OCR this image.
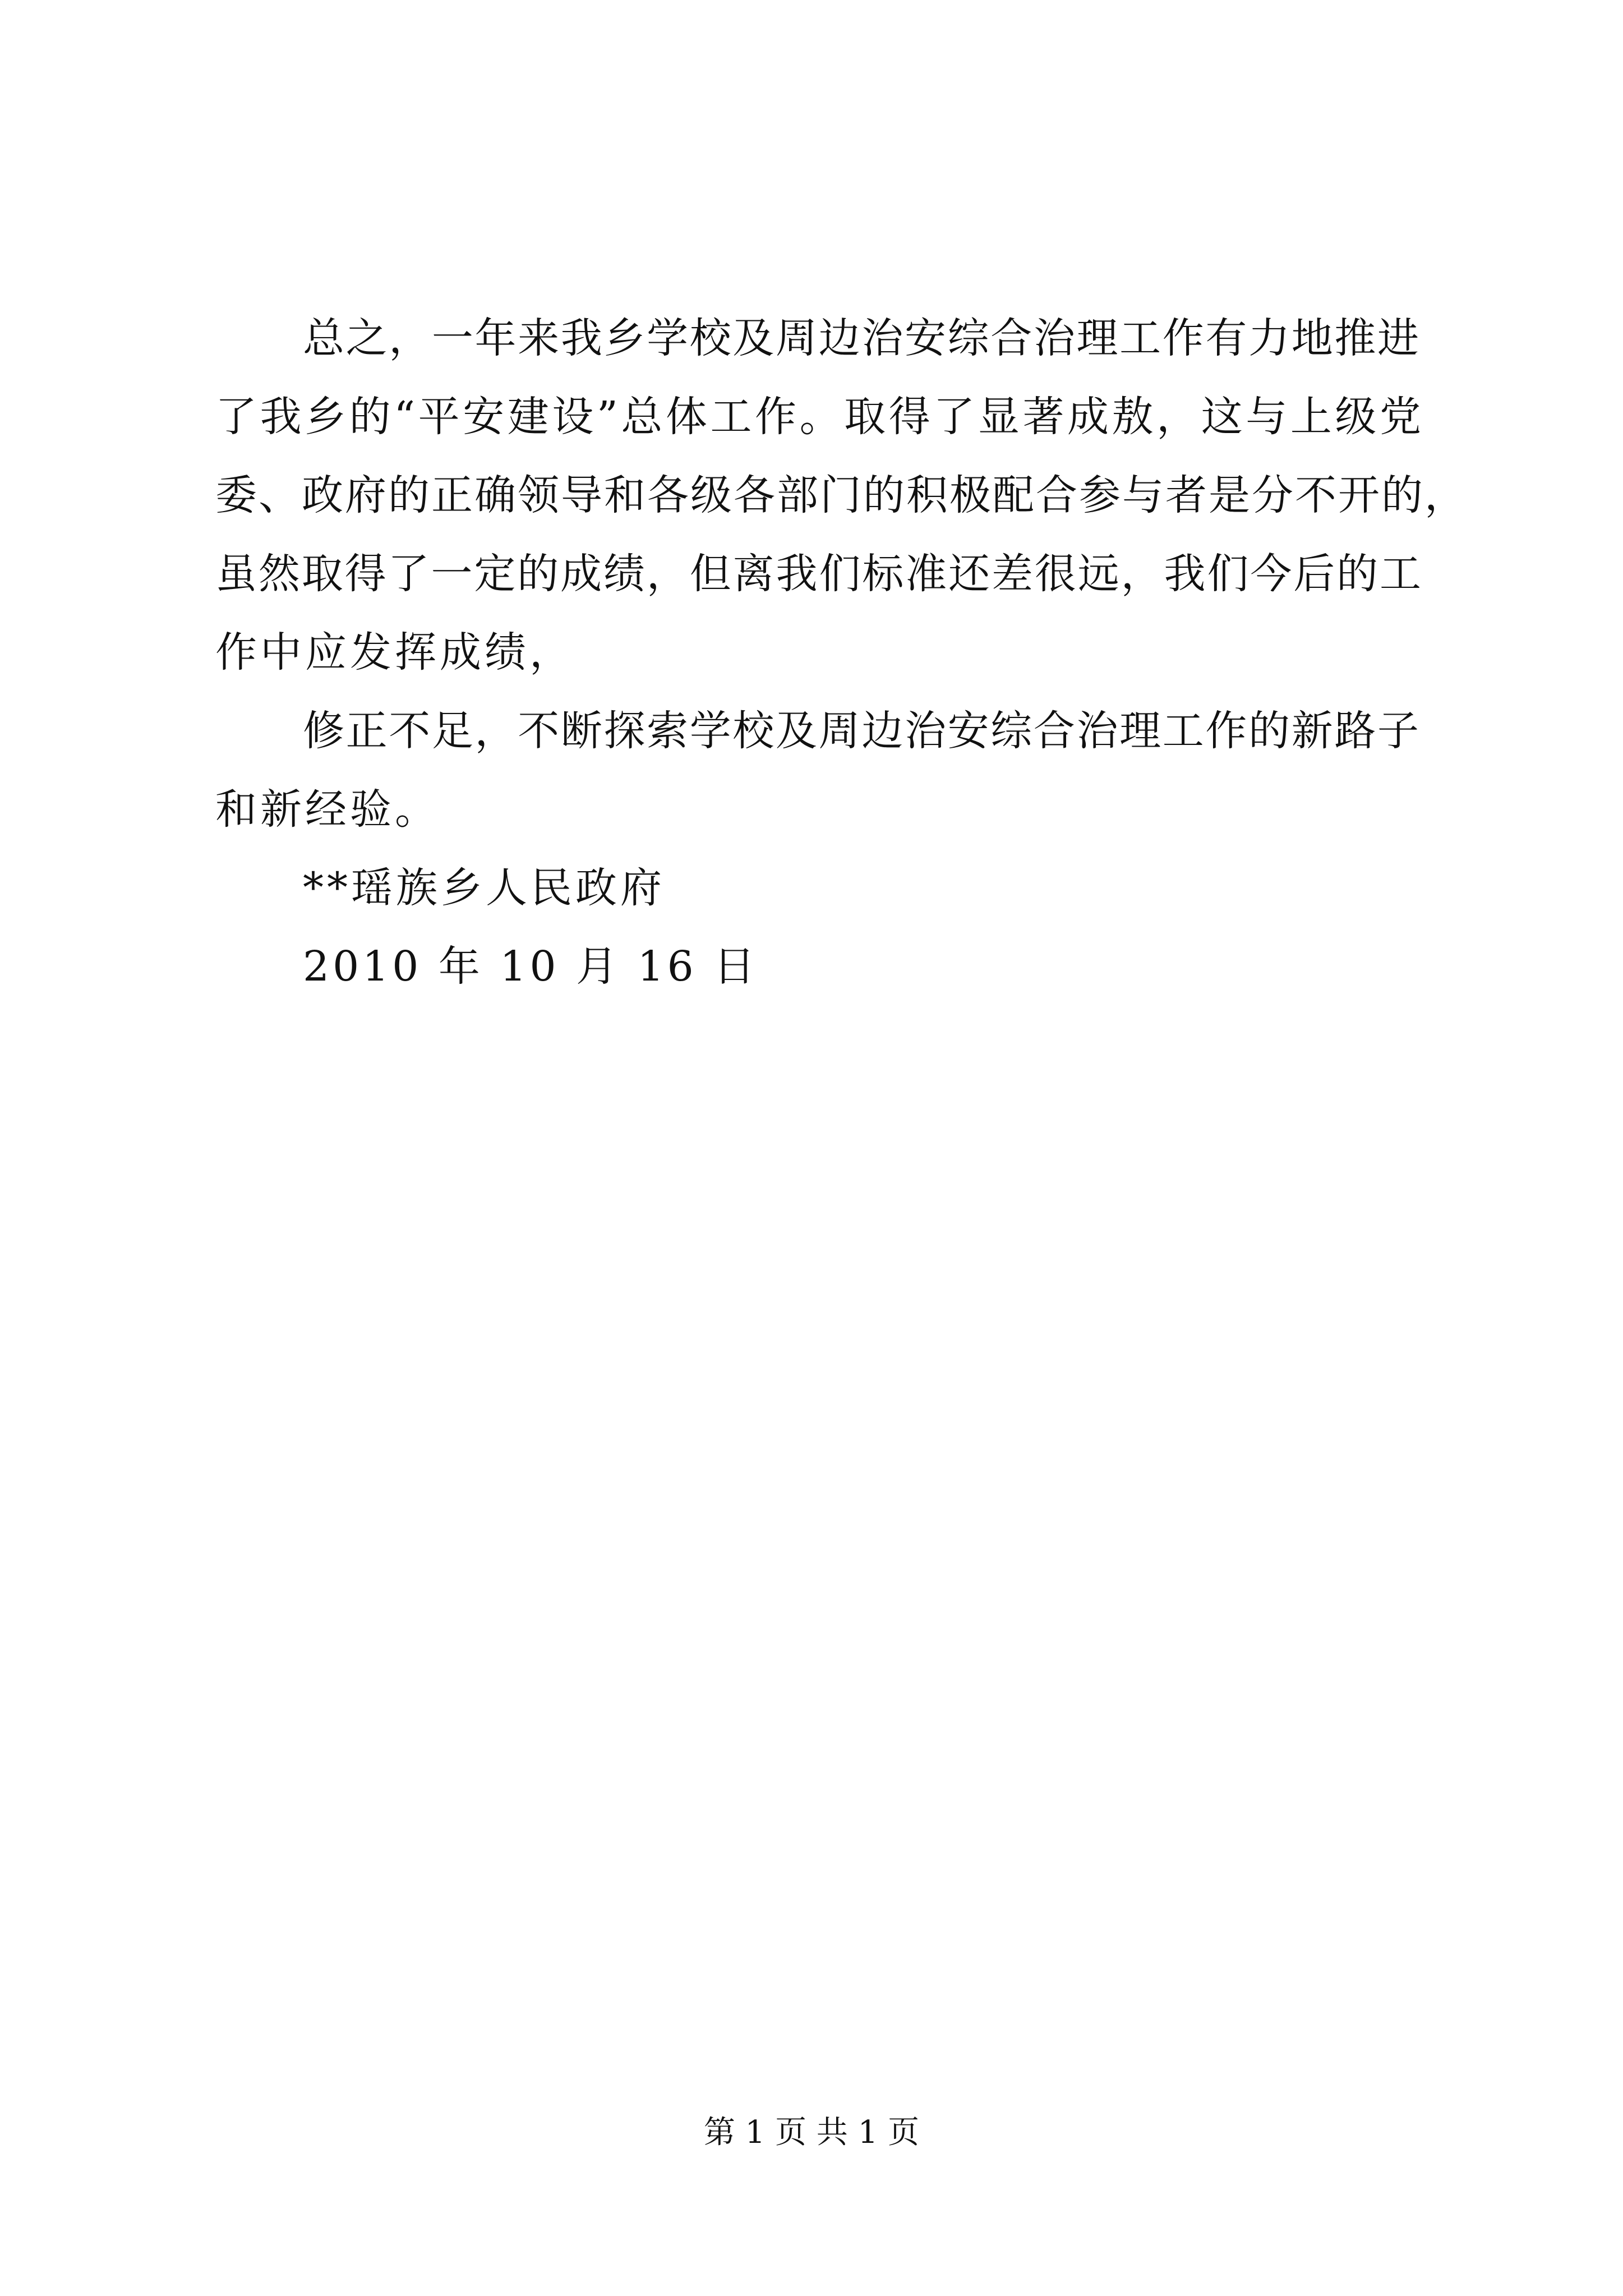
总之，一年来我乡学校及周边治安综合治理工作有力地推进
了我乡的“平安建设”总体工作。取得了显著成敖，这与上级党
委、政府的正确领导和各级各部门的积极配合参与者是分不开的，
虽然取得了一定的成绩，但离我们标准还差很远，我们今后的工
作中应发挥成绩，
修正不足，不断探索学校及周边治安综合治理工作的新路子
和新经验。
**瑶族乡人民政府
2010 年 10 月 16 日
第 1 页 共 1 页
